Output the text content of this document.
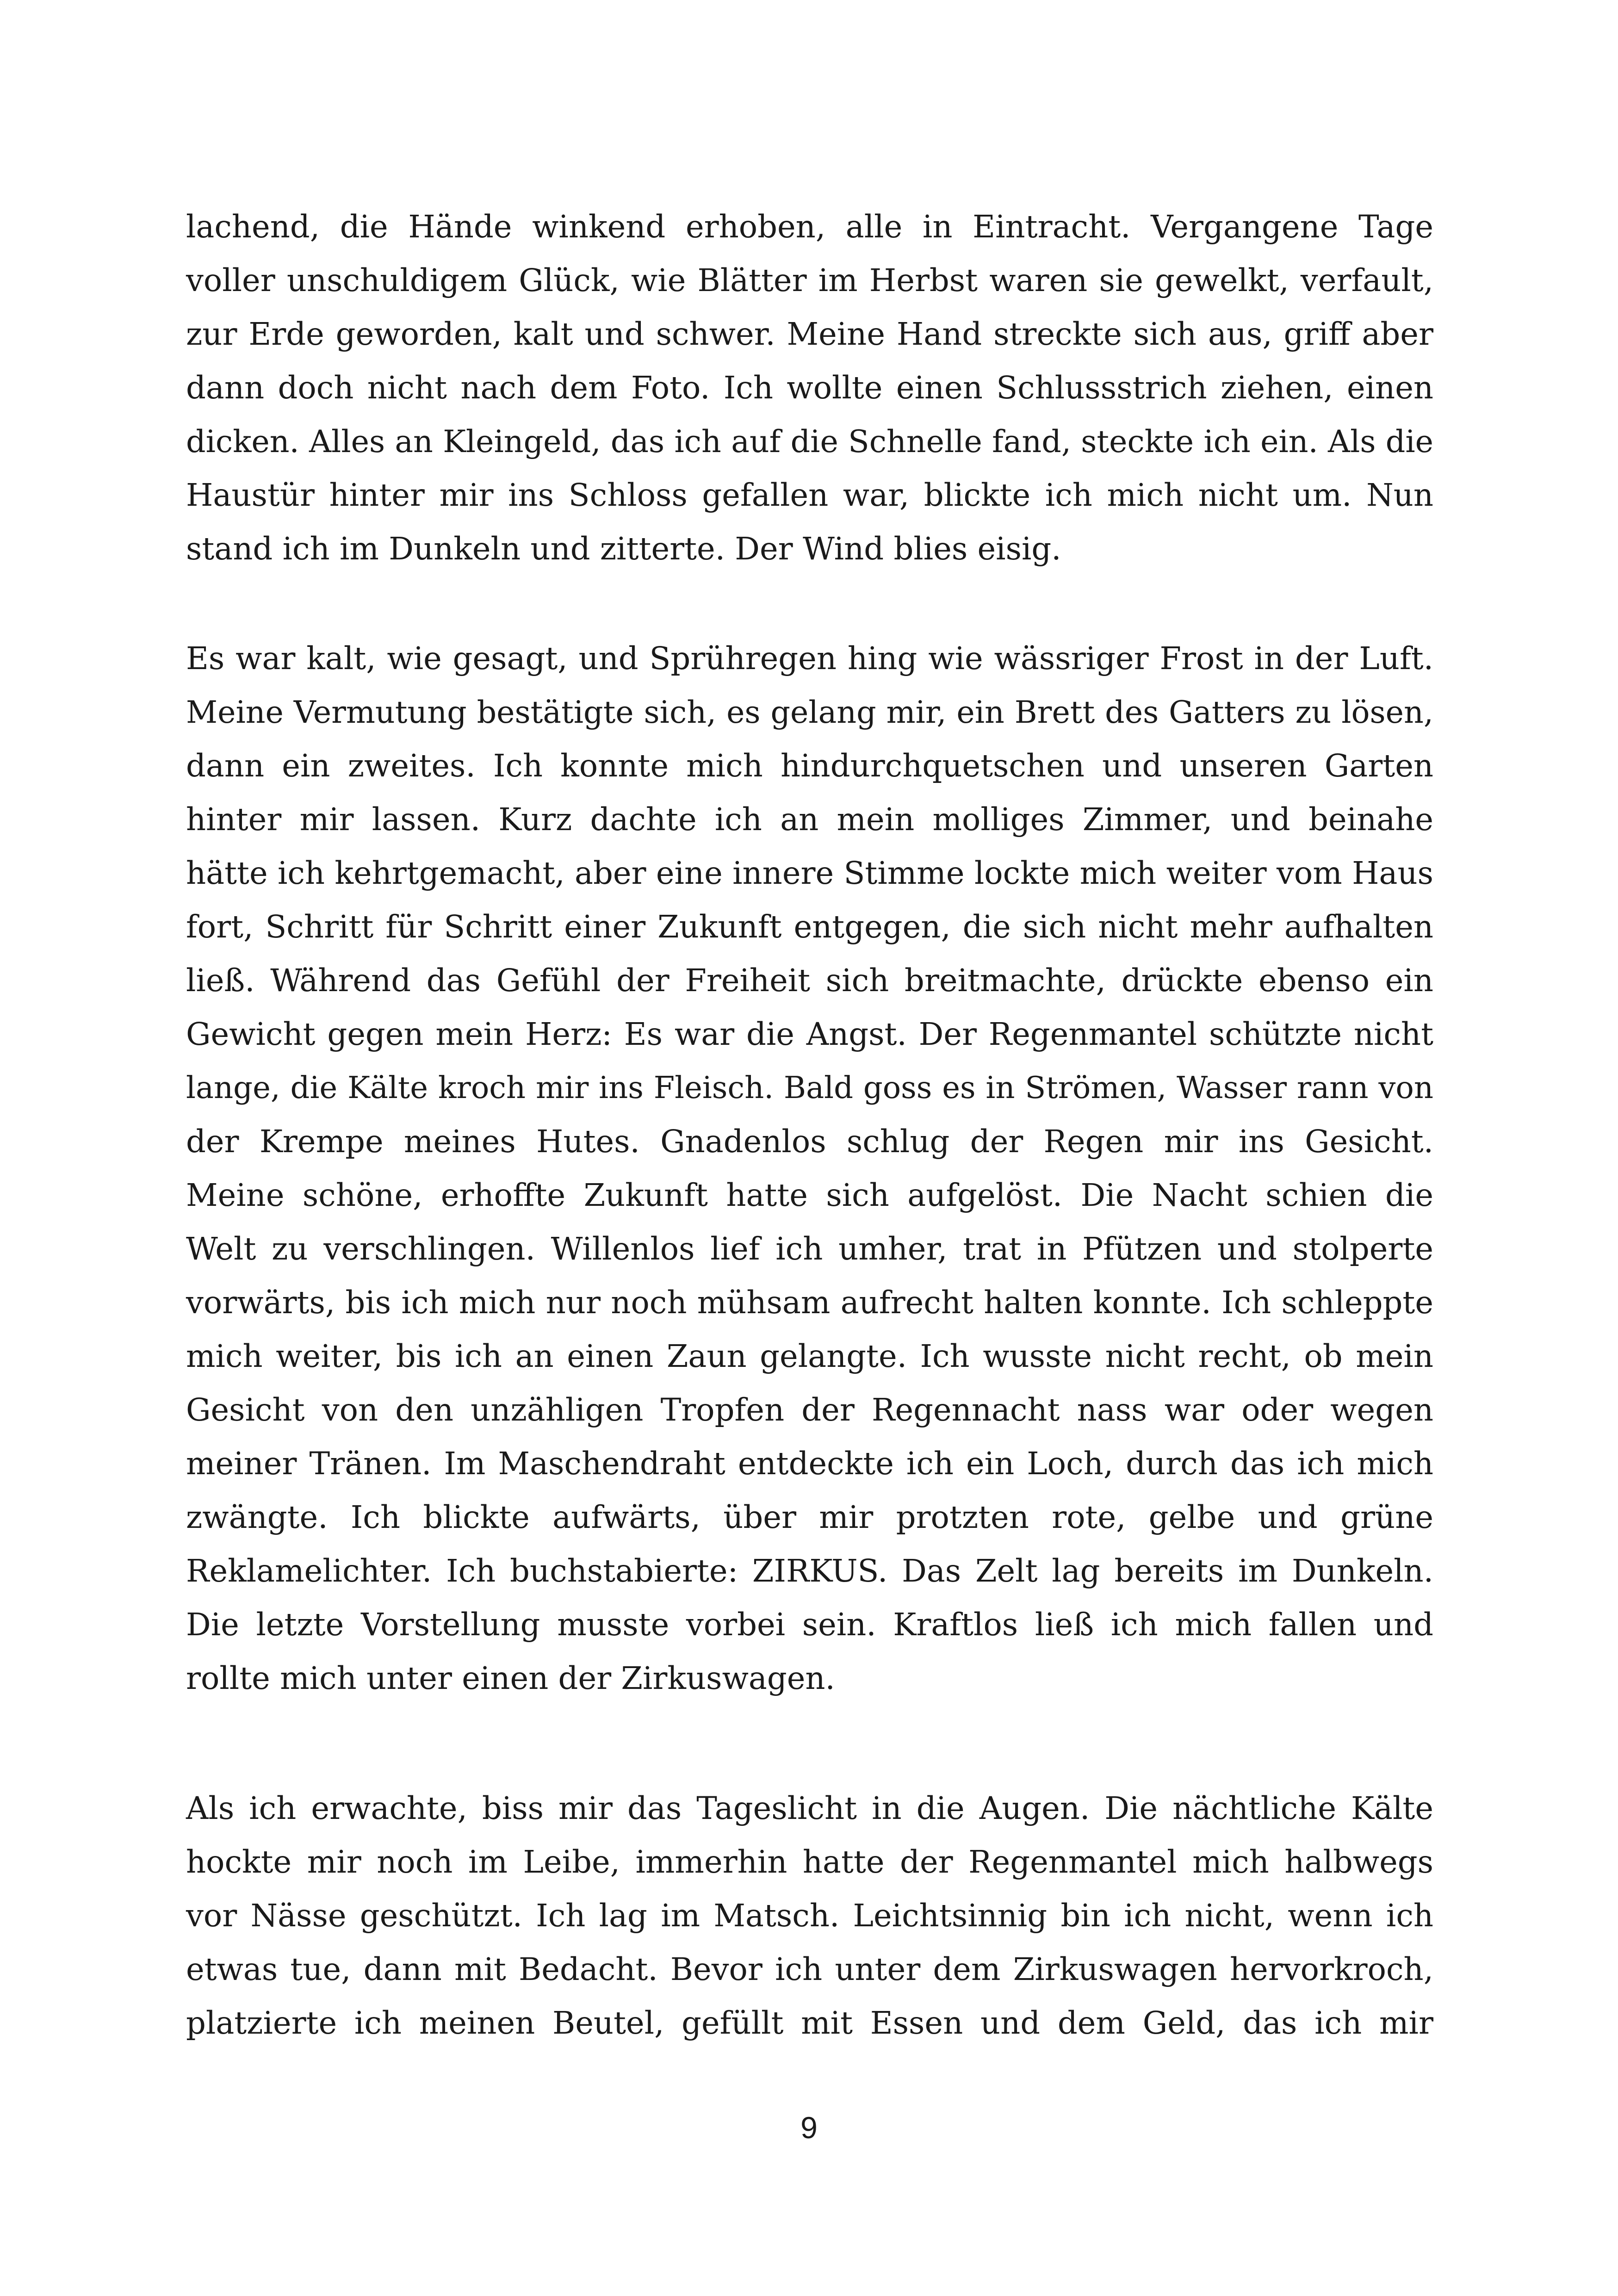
lachend, die Hände winkend erhoben, alle in Eintracht. Vergangene Tage
voller unschuldigem Glück, wie Blätter im Herbst waren sie gewelkt, verfault,
zur Erde geworden, kalt und schwer. Meine Hand streckte sich aus, griff aber
dann doch nicht nach dem Foto. Ich wollte einen Schlussstrich ziehen, einen
dicken. Alles an Kleingeld, das ich auf die Schnelle fand, steckte ich ein. Als die
Haustür hinter mir ins Schloss gefallen war, blickte ich mich nicht um. Nun
stand ich im Dunkeln und zitterte. Der Wind blies eisig.
Es war kalt, wie gesagt, und Sprühregen hing wie wässriger Frost in der Luft.
Meine Vermutung bestätigte sich, es gelang mir, ein Brett des Gatters zu lösen,
dann ein zweites. Ich konnte mich hindurchquetschen und unseren Garten
hinter mir lassen. Kurz dachte ich an mein molliges Zimmer, und beinahe
hätte ich kehrtgemacht, aber eine innere Stimme lockte mich weiter vom Haus
fort, Schritt für Schritt einer Zukunft entgegen, die sich nicht mehr aufhalten
ließ. Während das Gefühl der Freiheit sich breitmachte, drückte ebenso ein
Gewicht gegen mein Herz: Es war die Angst. Der Regenmantel schützte nicht
lange, die Kälte kroch mir ins Fleisch. Bald goss es in Strömen, Wasser rann von
der Krempe meines Hutes. Gnadenlos schlug der Regen mir ins Gesicht.
Meine schöne, erhoffte Zukunft hatte sich aufgelöst. Die Nacht schien die
Welt zu verschlingen. Willenlos lief ich umher, trat in Pfützen und stolperte
vorwärts, bis ich mich nur noch mühsam aufrecht halten konnte. Ich schleppte
mich weiter, bis ich an einen Zaun gelangte. Ich wusste nicht recht, ob mein
Gesicht von den unzähligen Tropfen der Regennacht nass war oder wegen
meiner Tränen. Im Maschendraht entdeckte ich ein Loch, durch das ich mich
zwängte. Ich blickte aufwärts, über mir protzten rote, gelbe und grüne
Reklamelichter. Ich buchstabierte: ZIRKUS. Das Zelt lag bereits im Dunkeln.
Die letzte Vorstellung musste vorbei sein. Kraftlos ließ ich mich fallen und
rollte mich unter einen der Zirkuswagen.
Als ich erwachte, biss mir das Tageslicht in die Augen. Die nächtliche Kälte
hockte mir noch im Leibe, immerhin hatte der Regenmantel mich halbwegs
vor Nässe geschützt. Ich lag im Matsch. Leichtsinnig bin ich nicht, wenn ich
etwas tue, dann mit Bedacht. Bevor ich unter dem Zirkuswagen hervorkroch,
platzierte ich meinen Beutel, gefüllt mit Essen und dem Geld, das ich mir
9
